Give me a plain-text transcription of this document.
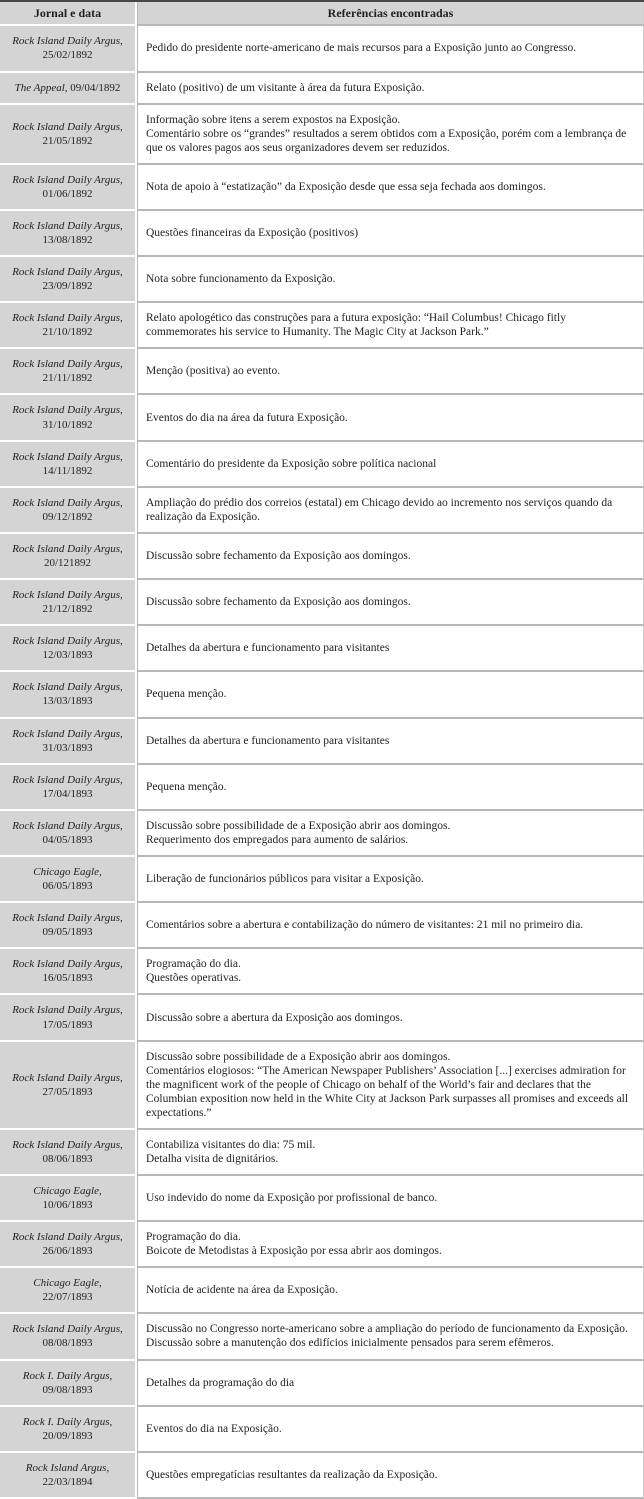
Jornal e data	Referências encontradas
Rock Island Daily Argus,
25/02/1892	Pedido do presidente norte-americano de mais recursos para a Exposição junto ao Congresso.

The Appeal, 09/04/1892	Relato (positivo) de um visitante à área da futura Exposição.

Rock Island Daily Argus,
21/05/1892	
Informação sobre itens a serem expostos na Exposição.
Comentário sobre os “grandes” resultados a serem obtidos com a Exposição, porém com a lembrança de que os valores pagos aos seus organizadores devem ser reduzidos.

Rock Island Daily Argus,
01/06/1892	Nota de apoio à “estatização” da Exposição desde que essa seja fechada aos domingos.

Rock Island Daily Argus,
13/08/1892	Questões financeiras da Exposição (positivos)

Rock Island Daily Argus,
23/09/1892	Nota sobre funcionamento da Exposição.

Rock Island Daily Argus,
21/10/1892	Relato apologético das construções para a futura exposição: “Hail Columbus! Chicago fitly commemorates his service to Humanity. The Magic City at Jackson Park.”

Rock Island Daily Argus,
21/11/1892	Menção (positiva) ao evento.

Rock Island Daily Argus,
31/10/1892	Eventos do dia na área da futura Exposição.

Rock Island Daily Argus,
14/11/1892	Comentário do presidente da Exposição sobre política nacional

Rock Island Daily Argus,
09/12/1892	Ampliação do prédio dos correios (estatal) em Chicago devido ao incremento nos serviços quando da realização da Exposição.

Rock Island Daily Argus,
20/121892	Discussão sobre fechamento da Exposição aos domingos.

Rock Island Daily Argus,
21/12/1892	Discussão sobre fechamento da Exposição aos domingos.

Rock Island Daily Argus,
12/03/1893	Detalhes da abertura e funcionamento para visitantes

Rock Island Daily Argus,
13/03/1893	Pequena menção.

Rock Island Daily Argus,
31/03/1893	Detalhes da abertura e funcionamento para visitantes

Rock Island Daily Argus,
17/04/1893	Pequena menção.

Rock Island Daily Argus,
04/05/1893	
Discussão sobre possibilidade de a Exposição abrir aos domingos.
Requerimento dos empregados para aumento de salários.

Chicago Eagle,
06/05/1893	Liberação de funcionários públicos para visitar a Exposição.

Rock Island Daily Argus,
09/05/1893	Comentários sobre a abertura e contabilização do número de visitantes: 21 mil no primeiro dia.

Rock Island Daily Argus,
16/05/1893	
Programação do dia.
Questões operativas.

Rock Island Daily Argus,
17/05/1893	Discussão sobre a abertura da Exposição aos domingos.

Rock Island Daily Argus,
27/05/1893	
Discussão sobre possibilidade de a Exposição abrir aos domingos.
Comentários elogiosos: “The American Newspaper Publishers’ Association [...] exercises admiration for the magnificent work of the people of Chicago on behalf of the World’s fair and declares that the Columbian exposition now held in the White City at Jackson Park surpasses all promises and exceeds all expectations.”

Rock Island Daily Argus,
08/06/1893	
Contabiliza visitantes do dia: 75 mil.
Detalha visita de dignitários.

Chicago Eagle,
10/06/1893	Uso indevido do nome da Exposição por profissional de banco.

Rock Island Daily Argus,
26/06/1893	
Programação do dia.
Boicote de Metodistas à Exposição por essa abrir aos domingos.

Chicago Eagle,
22/07/1893	Notícia de acidente na área da Exposição.

Rock Island Daily Argus,
08/08/1893	
Discussão no Congresso norte-americano sobre a ampliação do período de funcionamento da Exposição.
Discussão sobre a manutenção dos edifícios inicialmente pensados para serem efêmeros.

Rock I. Daily Argus,
09/08/1893	Detalhes da programação do dia

Rock I. Daily Argus,
20/09/1893	Eventos do dia na Exposição.

Rock Island Argus,
22/03/1894	Questões empregatícias resultantes da realização da Exposição.
